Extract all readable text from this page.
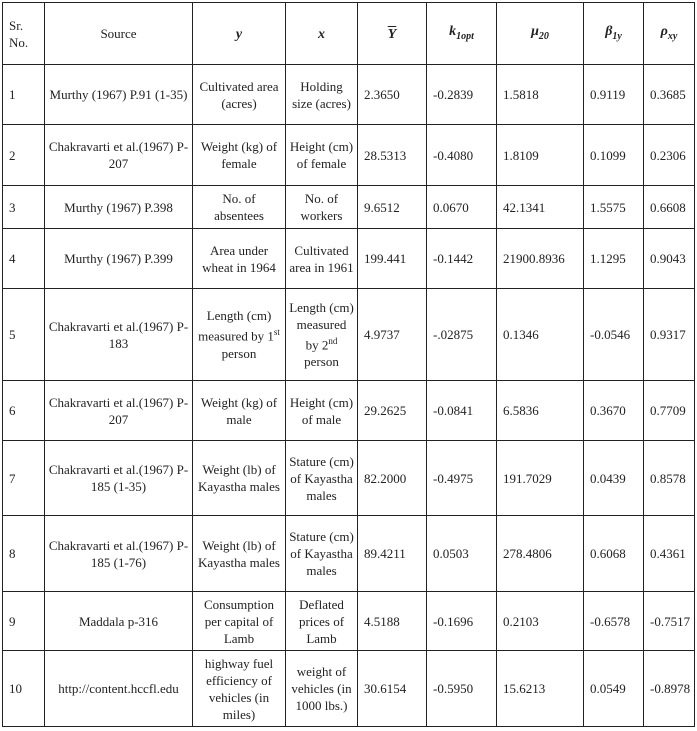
Sr. No.	Source	y	x	$\overline{Y}$	$k_{1opt}$	$\mu_{20}$	$\beta_{1y}$	$\rho_{xy}$
1	Murthy (1967) P.91 (1-35)	Cultivated area (acres)	Holding size (acres)	2.3650	-0.2839	1.5818	0.9119	0.3685
2	Chakravarti et al.(1967) P-207	Weight (kg) of female	Height (cm) of female	28.5313	-0.4080	1.8109	0.1099	0.2306
3	Murthy (1967) P.398	No. of absentees	No. of workers	9.6512	0.0670	42.1341	1.5575	0.6608
4	Murthy (1967) P.399	Area under wheat in 1964	Cultivated area in 1961	199.441	-0.1442	21900.8936	1.1295	0.9043
5	Chakravarti et al.(1967) P-183	Length (cm) measured by 1st person	Length (cm) measured by 2nd person	4.9737	-.02875	0.1346	-0.0546	0.9317
6	Chakravarti et al.(1967) P-207	Weight (kg) of male	Height (cm) of male	29.2625	-0.0841	6.5836	0.3670	0.7709
7	Chakravarti et al.(1967) P-185 (1-35)	Weight (lb) of Kayastha males	Stature (cm) of Kayastha males	82.2000	-0.4975	191.7029	0.0439	0.8578
8	Chakravarti et al.(1967) P-185 (1-76)	Weight (lb) of Kayastha males	Stature (cm) of Kayastha males	89.4211	0.0503	278.4806	0.6068	0.4361
9	Maddala p-316	Consumption per capital of Lamb	Deflated prices of Lamb	4.5188	-0.1696	0.2103	-0.6578	-0.7517
10	http://content.hccfl.edu	highway fuel efficiency of vehicles (in miles)	weight of vehicles (in 1000 lbs.)	30.6154	-0.5950	15.6213	0.0549	-0.8978
